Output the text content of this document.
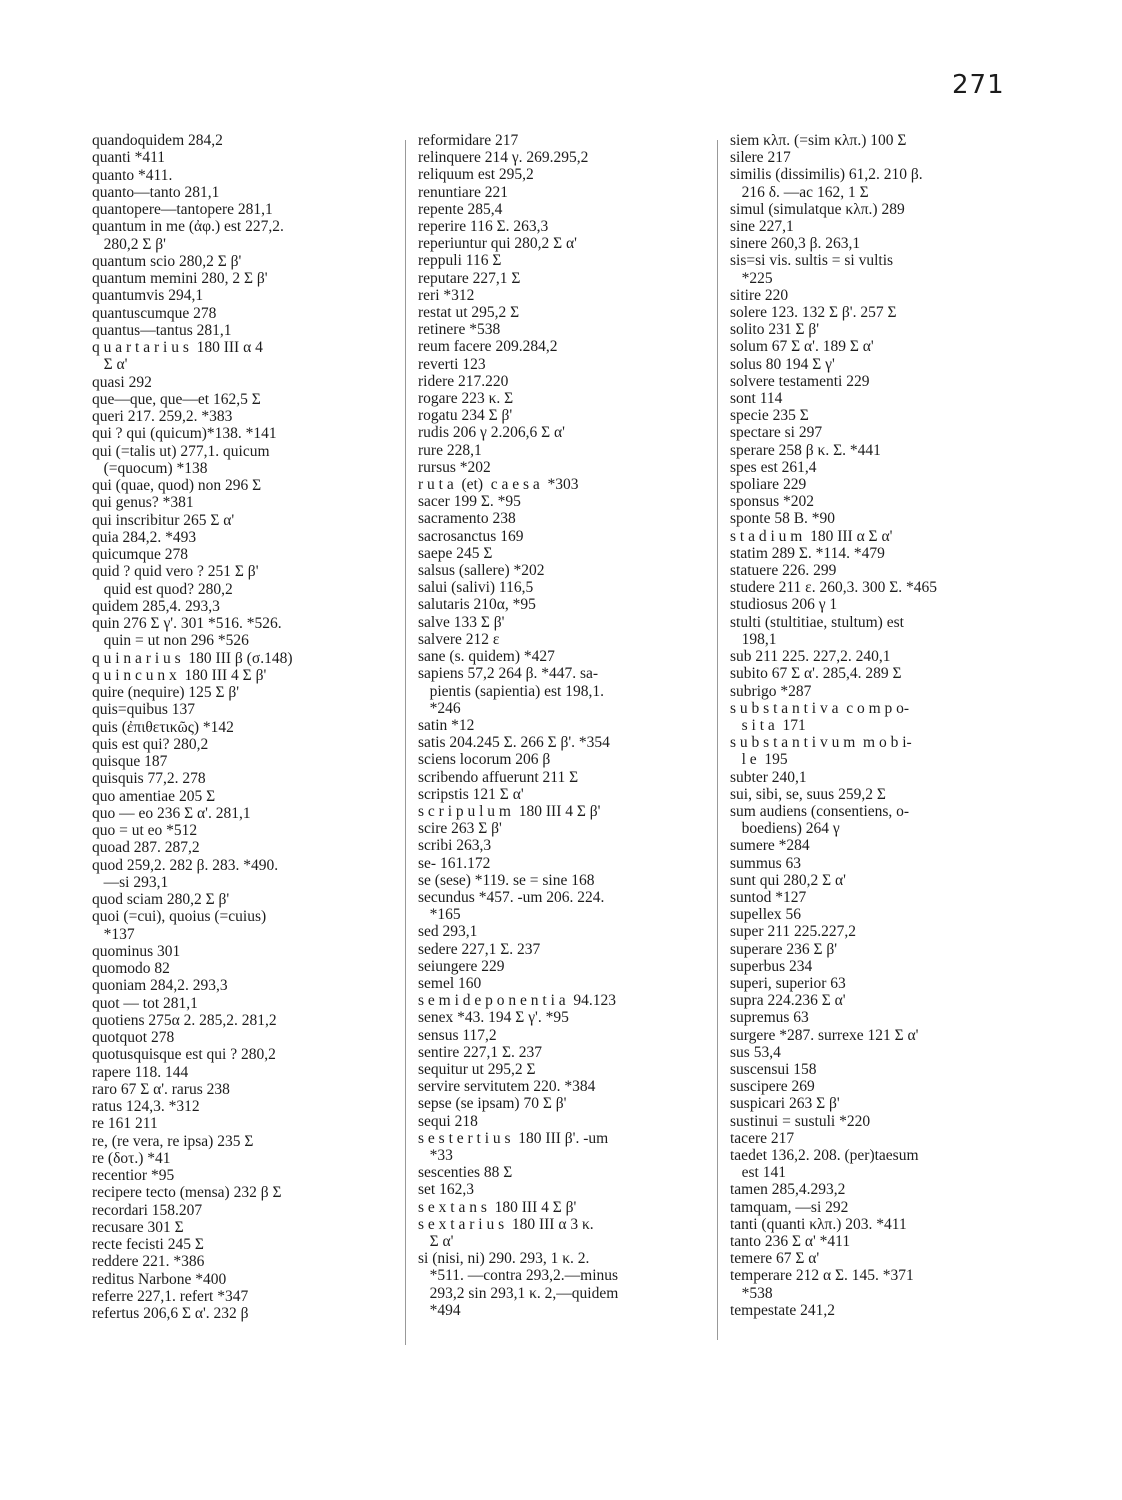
271
quandoquidem 284,2
quanti *411
quanto *411.
quanto—tanto 281,1
quantopere—tantopere 281,1
quantum in me (ἀφ.) est 227,2.
280,2 Σ β'
quantum scio 280,2 Σ β'
quantum memini 280, 2 Σ β'
quantumvis 294,1
quantuscumque 278
quantus—tantus 281,1
q u a r t a r i u s  180 III α 4
Σ α'
quasi 292
que—que, que—et 162,5 Σ
queri 217. 259,2. *383
qui ? qui (quicum)*138. *141
qui (=talis ut) 277,1. quicum
(=quocum) *138
qui (quae, quod) non 296 Σ
qui genus? *381
qui inscribitur 265 Σ α'
quia 284,2. *493
quicumque 278
quid ? quid vero ? 251 Σ β'
quid est quod? 280,2
quidem 285,4. 293,3
quin 276 Σ γ'. 301 *516. *526.
quin = ut non 296 *526
q u i n a r i u s  180 III β (σ.148)
q u i n c u n x  180 III 4 Σ β'
quire (nequire) 125 Σ β'
quis=quibus 137
quis (ἐπιθετικῶς) *142
quis est qui? 280,2
quisque 187
quisquis 77,2. 278
quo amentiae 205 Σ
quo — eo 236 Σ α'. 281,1
quo = ut eo *512
quoad 287. 287,2
quod 259,2. 282 β. 283. *490.
—si 293,1
quod sciam 280,2 Σ β'
quoi (=cui), quoius (=cuius)
*137
quominus 301
quomodo 82
quoniam 284,2. 293,3
quot — tot 281,1
quotiens 275α 2. 285,2. 281,2
quotquot 278
quotusquisque est qui ? 280,2
rapere 118. 144
raro 67 Σ α'. rarus 238
ratus 124,3. *312
re 161 211
re, (re vera, re ipsa) 235 Σ
re (δοτ.) *41
recentior *95
recipere tecto (mensa) 232 β Σ
recordari 158.207
recusare 301 Σ
recte fecisti 245 Σ
reddere 221. *386
reditus Narbone *400
referre 227,1. refert *347
refertus 206,6 Σ α'. 232 β
reformidare 217
relinquere 214 γ. 269.295,2
reliquum est 295,2
renuntiare 221
repente 285,4
reperire 116 Σ. 263,3
reperiuntur qui 280,2 Σ α'
reppuli 116 Σ
reputare 227,1 Σ
reri *312
restat ut 295,2 Σ
retinere *538
reum facere 209.284,2
reverti 123
ridere 217.220
rogare 223 κ. Σ
rogatu 234 Σ β'
rudis 206 γ 2.206,6 Σ α'
rure 228,1
rursus *202
r u t a  (et)  c a e s a  *303
sacer 199 Σ. *95
sacramento 238
sacrosanctus 169
saepe 245 Σ
salsus (sallere) *202
salui (salivi) 116,5
salutaris 210α, *95
salve 133 Σ β'
salvere 212 ε
sane (s. quidem) *427
sapiens 57,2 264 β. *447. sa-
pientis (sapientia) est 198,1.
*246
satin *12
satis 204.245 Σ. 266 Σ β'. *354
sciens locorum 206 β
scribendo affuerunt 211 Σ
scripstis 121 Σ α'
s c r i p u l u m  180 III 4 Σ β'
scire 263 Σ β'
scribi 263,3
se- 161.172
se (sese) *119. se = sine 168
secundus *457. -um 206. 224.
*165
sed 293,1
sedere 227,1 Σ. 237
seiungere 229
semel 160
s e m i d e p o n e n t i a  94.123
senex *43. 194 Σ γ'. *95
sensus 117,2
sentire 227,1 Σ. 237
sequitur ut 295,2 Σ
servire servitutem 220. *384
sepse (se ipsam) 70 Σ β'
sequi 218
s e s t e r t i u s  180 III β'. -um
*33
sescenties 88 Σ
set 162,3
s e x t a n s  180 III 4 Σ β'
s e x t a r i u s  180 III α 3 κ.
Σ α'
si (nisi, ni) 290. 293, 1 κ. 2.
*511. —contra 293,2.—minus
293,2 sin 293,1 κ. 2,—quidem
*494
siem κλπ. (=sim κλπ.) 100 Σ
silere 217
similis (dissimilis) 61,2. 210 β.
216 δ. —ac 162, 1 Σ
simul (simulatque κλπ.) 289
sine 227,1
sinere 260,3 β. 263,1
sis=si vis. sultis = si vultis
*225
sitire 220
solere 123. 132 Σ β'. 257 Σ
solito 231 Σ β'
solum 67 Σ α'. 189 Σ α'
solus 80 194 Σ γ'
solvere testamenti 229
sont 114
specie 235 Σ
spectare si 297
sperare 258 β κ. Σ. *441
spes est 261,4
spoliare 229
sponsus *202
sponte 58 B. *90
s t a d i u m  180 III α Σ α'
statim 289 Σ. *114. *479
statuere 226. 299
studere 211 ε. 260,3. 300 Σ. *465
studiosus 206 γ 1
stulti (stultitiae, stultum) est
198,1
sub 211 225. 227,2. 240,1
subito 67 Σ α'. 285,4. 289 Σ
subrigo *287
s u b s t a n t i v a  c o m p o-
s i t a  171
s u b s t a n t i v u m  m o b i-
l e  195
subter 240,1
sui, sibi, se, suus 259,2 Σ
sum audiens (consentiens, o-
boediens) 264 γ
sumere *284
summus 63
sunt qui 280,2 Σ α'
suntod *127
supellex 56
super 211 225.227,2
superare 236 Σ β'
superbus 234
superi, superior 63
supra 224.236 Σ α'
supremus 63
surgere *287. surrexe 121 Σ α'
sus 53,4
suscensui 158
suscipere 269
suspicari 263 Σ β'
sustinui = sustuli *220
tacere 217
taedet 136,2. 208. (per)taesum
est 141
tamen 285,4.293,2
tamquam, —si 292
tanti (quanti κλπ.) 203. *411
tanto 236 Σ α' *411
temere 67 Σ α'
temperare 212 α Σ. 145. *371
*538
tempestate 241,2
